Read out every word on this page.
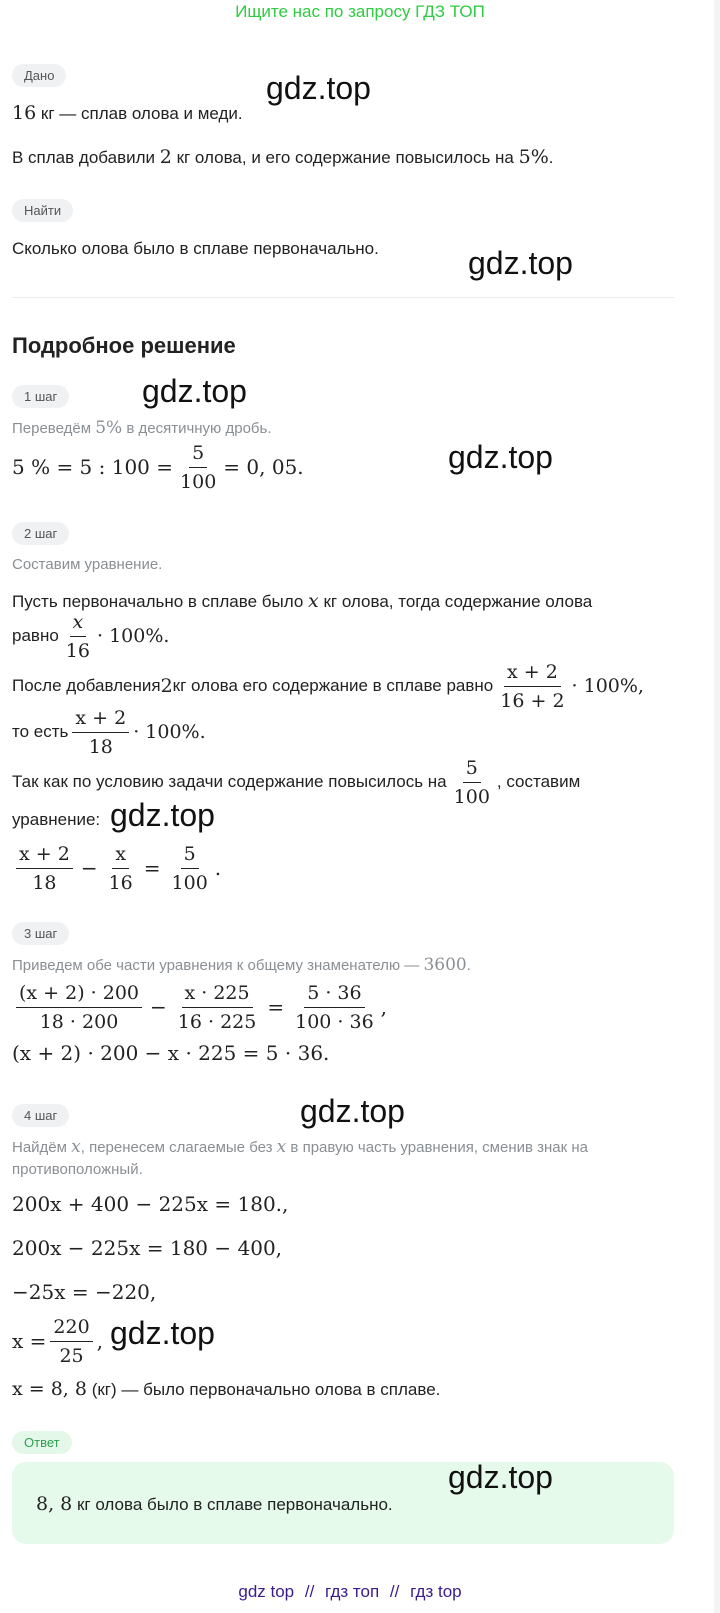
Ищите нас по запросу ГДЗ ТОП
Дано	gdz.top
16 кг — сплав олова и меди.
В сплав добавили 2 кг олова, и его содержание повысилось на 5%.
Найти
Сколько олова было в сплаве первоначально.	gdz.top
Подробное решение
1 шаг	gdz.top
Переведём 5% в десятичную дробь.
5 % = 5 : $100 = \frac{5}{100} = 0$, 05.	gdz.top
2 шаг
Составим уравнение.
Пусть первоначально в сплаве было x кг олова, тогда содержание олова
равно $\frac{x}{16} \cdot 100\%$.
После добавления 2 кг олова его содержание в сплаве равно $\frac{x + 2}{16 + 2} \cdot 100\%$,
то есть $\frac{x + 2}{18} \cdot 100\%$.
Так как по условию задачи содержание повысилось на $\frac{5}{100}$ , составим
уравнение: gdz.top
$\frac{x + 2}{18} - \frac{x}{16} = \frac{5}{100}$ .
3 шаг
Приведем обе части уравнения к общему знаменателю — 3600.
$\frac{(x + 2) \cdot 200}{18 \cdot 200} - \frac{x \cdot 225}{16 \cdot 225} = \frac{5 \cdot 36}{100 \cdot 36}$ ,
(x + 2) · 200 − x · 225 = 5 · 36.
4 шаг	gdz.top
Найдём x, перенесем слагаемые без x в правую часть уравнения, сменив знак на
противоположный.
200x + 400 − 225x = 180.,
200x − 225x = 180 − 400,
−25x = −220,
$x = \frac{220}{25}$ , gdz.top
x = 8, 8 (кг) — было первоначально олова в сплаве.
Ответ
8, 8 кг олова было в сплаве первоначально.
gdz.top
gdz top // гдз топ // гдз top
